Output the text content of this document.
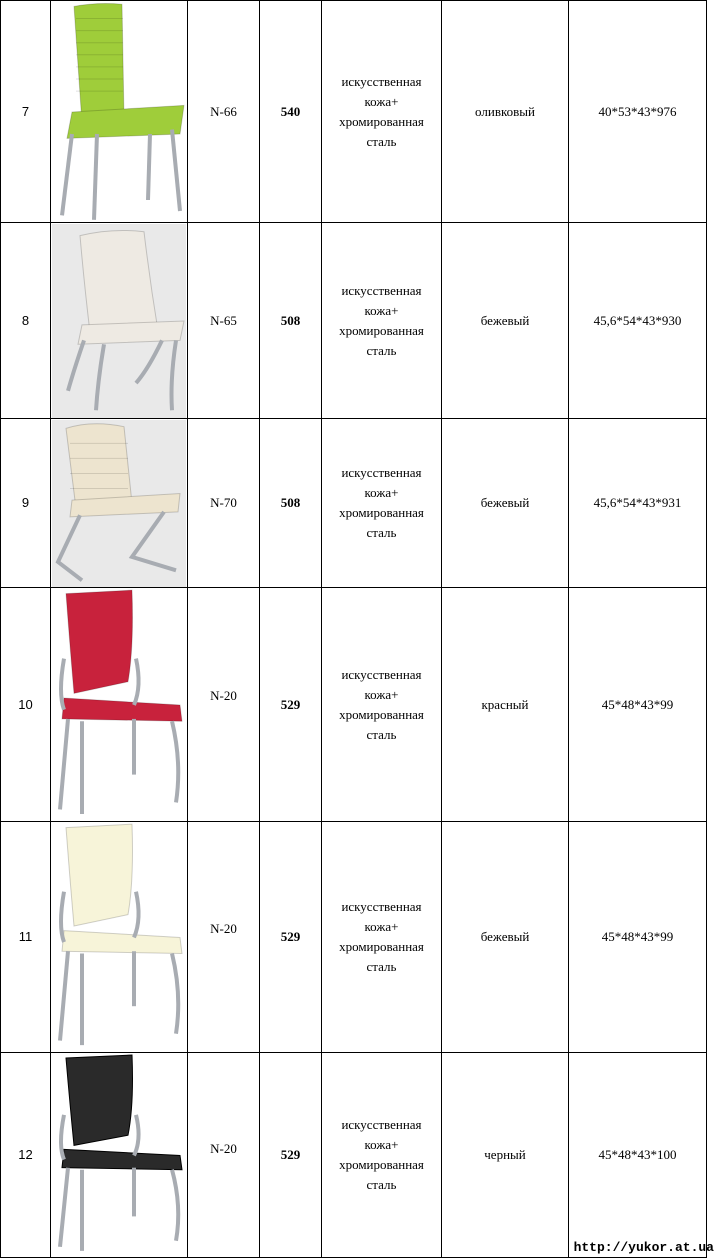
7		N-66	540	искусственная
кожа+
хромированная
сталь	оливковый	40*53*43*976
8		N-65	508	искусственная
кожа+
хромированная
сталь	бежевый	45,6*54*43*930
9		N-70	508	искусственная
кожа+
хромированная
сталь	бежевый	45,6*54*43*931
10		N-20	529	искусственная
кожа+
хромированная
сталь	красный	45*48*43*99
11		N-20	529	искусственная
кожа+
хромированная
сталь	бежевый	45*48*43*99
12		N-20	529	искусственная
кожа+
хромированная
сталь	черный	45*48*43*100
http://yukor.at.ua
